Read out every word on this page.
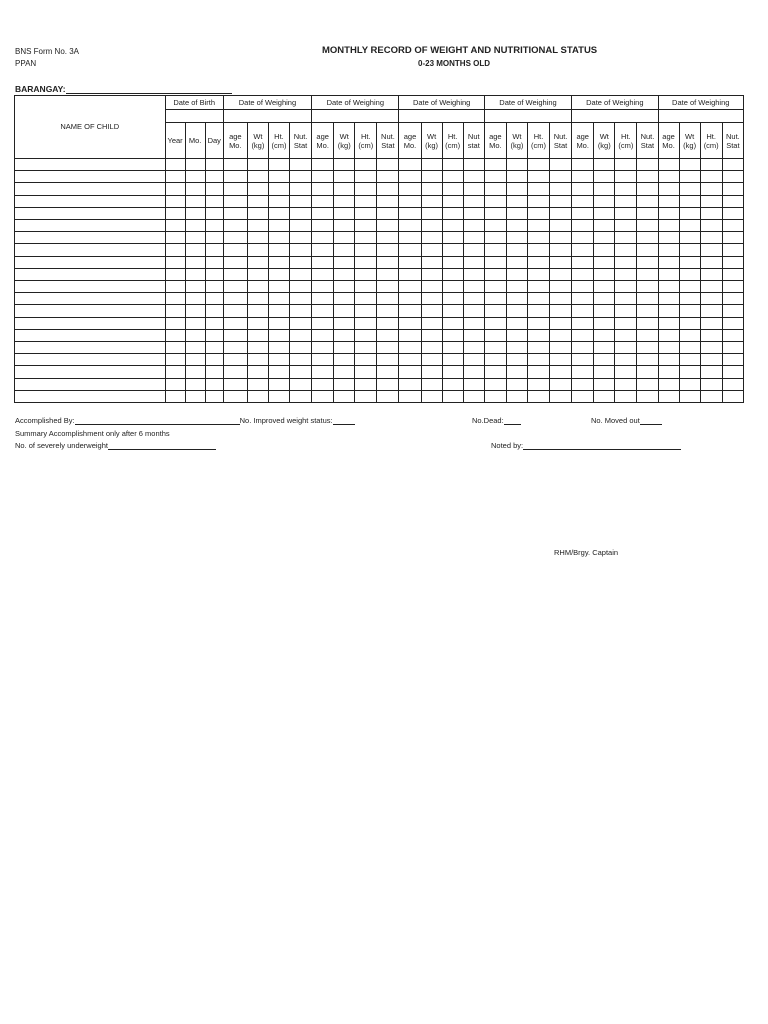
BNS Form No. 3A
PPAN
MONTHLY RECORD OF WEIGHT AND NUTRITIONAL STATUS
0-23 MONTHS OLD
BARANGAY:
NAME OF CHILD	Date of Birth			Date of Weighing				Date of Weighing				Date of Weighing				Date of Weighing				Date of Weighing				Date of Weighing			

	Year	Mo.	Day	age Mo.	Wt (kg)	Ht. (cm)	Nut. Stat	age Mo.	Wt (kg)	Ht. (cm)	Nut. Stat	age Mo.	Wt (kg)	Ht. (cm)	Nut stat	age Mo.	Wt (kg)	Ht. (cm)	Nut. Stat	age Mo.	Wt (kg)	Ht. (cm)	Nut. Stat	age Mo.	Wt (kg)	Ht. (cm)	Nut. Stat

Accomplished By:	No. Improved weight status:	No.Dead:	No. Moved out
Summary Accomplishment only after 6 months
No. of severely underweight	Noted by:
RHM/Brgy. Captain
